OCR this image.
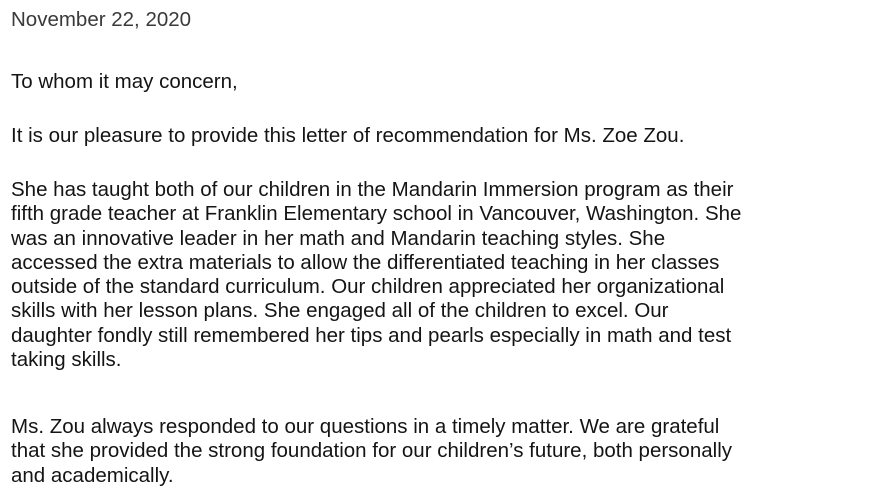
November 22, 2020
To whom it may concern,
It is our pleasure to provide this letter of recommendation for Ms. Zoe Zou.
She has taught both of our children in the Mandarin Immersion program as their
fifth grade teacher at Franklin Elementary school in Vancouver, Washington. She
was an innovative leader in her math and Mandarin teaching styles. She
accessed the extra materials to allow the differentiated teaching in her classes
outside of the standard curriculum. Our children appreciated her organizational
skills with her lesson plans. She engaged all of the children to excel. Our
daughter fondly still remembered her tips and pearls especially in math and test
taking skills.
Ms. Zou always responded to our questions in a timely matter. We are grateful
that she provided the strong foundation for our children’s future, both personally
and academically.
